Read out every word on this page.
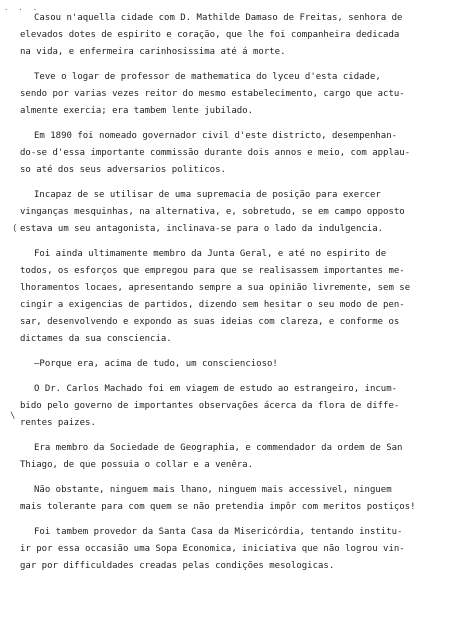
· · ·
Casou n'aquella cidade com D. Mathilde Damaso de Freitas, senhora de
elevados dotes de espirito e coração, que lhe foi companheira dedicada
na vida, e enfermeira carinhosissima até á morte.
Teve o logar de professor de mathematica do lyceu d'esta cidade,
sendo por varias vezes reitor do mesmo estabelecimento, cargo que actu-
almente exercia; era tambem lente jubilado.
Em 1890 foi nomeado governador civil d'este districto, desempenhan-
do-se d'essa importante commissão durante dois annos e meio, com applau-
so até dos seus adversarios politicos.
Incapaz de se utilisar de uma supremacia de posição para exercer
vinganças mesquinhas, na alternativa, e, sobretudo, se em campo opposto
estava um seu antagonista, inclinava-se para o lado da indulgencia.
Foi ainda ultimamente membro da Junta Geral, e até no espirito de
todos, os esforços que empregou para que se realisassem importantes me-
lhoramentos locaes, apresentando sempre a sua opinião livremente, sem se
cingir a exigencias de partidos, dizendo sem hesitar o seu modo de pen-
sar, desenvolvendo e expondo as suas ideias com clareza, e conforme os
dictames da sua consciencia.
—Porque era, acima de tudo, um consciencioso!
O Dr. Carlos Machado foi em viagem de estudo ao estrangeiro, incum-
bido pelo governo de importantes observações ácerca da flora de diffe-
rentes paizes.
Era membro da Sociedade de Geographia, e commendador da ordem de San
Thiago, de que possuia o collar e a venêra.
Não obstante, ninguem mais lhano, ninguem mais accessivel, ninguem
mais tolerante para com quem se não pretendia impôr com meritos postiços!
Foi tambem provedor da Santa Casa da Misericórdia, tentando institu-
ir por essa occasião uma Sopa Economica, iniciativa que não logrou vin-
gar por difficuldades creadas pelas condições mesologicas.
(
\
